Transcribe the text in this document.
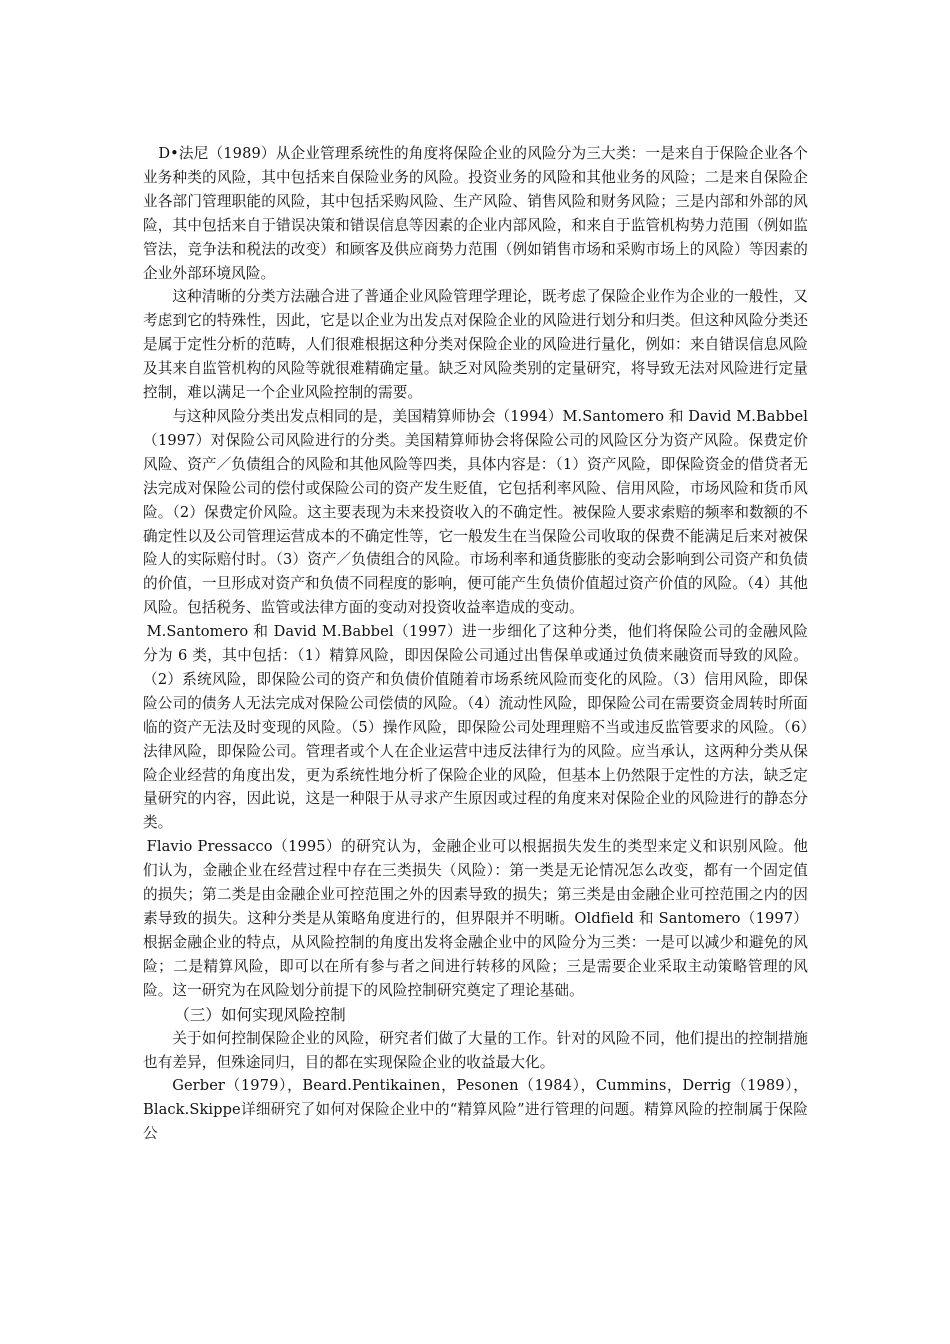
D•法尼（1989）从企业管理系统性的角度将保险企业的风险分为三大类：一是来自于保险企业各个业务种类的风险，其中包括来自保险业务的风险。投资业务的风险和其他业务的风险；二是来自保险企业各部门管理职能的风险，其中包括采购风险、生产风险、销售风险和财务风险；三是内部和外部的风险，其中包括来自于错误决策和错误信息等因素的企业内部风险，和来自于监管机构势力范围（例如监管法，竞争法和税法的改变）和顾客及供应商势力范围（例如销售市场和采购市场上的风险）等因素的企业外部环境风险。

这种清晰的分类方法融合进了普通企业风险管理学理论，既考虑了保险企业作为企业的一般性，又考虑到它的特殊性，因此，它是以企业为出发点对保险企业的风险进行划分和归类。但这种风险分类还是属于定性分析的范畴，人们很难根据这种分类对保险企业的风险进行量化，例如：来自错误信息风险及其来自监管机构的风险等就很难精确定量。缺乏对风险类别的定量研究，将导致无法对风险进行定量控制，难以满足一个企业风险控制的需要。

与这种风险分类出发点相同的是，美国精算师协会（1994）M.Santomero 和 David M.Babbel（1997）对保险公司风险进行的分类。美国精算师协会将保险公司的风险区分为资产风险。保费定价风险、资产／负债组合的风险和其他风险等四类，具体内容是：（1）资产风险，即保险资金的借贷者无法完成对保险公司的偿付或保险公司的资产发生贬值，它包括利率风险、信用风险，市场风险和货币风险。（2）保费定价风险。这主要表现为未来投资收入的不确定性。被保险人要求索赔的频率和数额的不确定性以及公司管理运营成本的不确定性等，它一般发生在当保险公司收取的保费不能满足后来对被保险人的实际赔付时。（3）资产／负债组合的风险。市场利率和通货膨胀的变动会影响到公司资产和负债的价值，一旦形成对资产和负债不同程度的影响，便可能产生负债价值超过资产价值的风险。（4）其他风险。包括税务、监管或法律方面的变动对投资收益率造成的变动。

M.Santomero 和 David M.Babbel（1997）进一步细化了这种分类，他们将保险公司的金融风险分为 6 类，其中包括：（1）精算风险，即因保险公司通过出售保单或通过负债来融资而导致的风险。（2）系统风险，即保险公司的资产和负债价值随着市场系统风险而变化的风险。（3）信用风险，即保险公司的债务人无法完成对保险公司偿债的风险。（4）流动性风险，即保险公司在需要资金周转时所面临的资产无法及时变现的风险。（5）操作风险，即保险公司处理理赔不当或违反监管要求的风险。（6）法律风险，即保险公司。管理者或个人在企业运营中违反法律行为的风险。应当承认，这两种分类从保险企业经营的角度出发，更为系统性地分析了保险企业的风险，但基本上仍然限于定性的方法，缺乏定量研究的内容，因此说，这是一种限于从寻求产生原因或过程的角度来对保险企业的风险进行的静态分类。

Flavio Pressacco（1995）的研究认为，金融企业可以根据损失发生的类型来定义和识别风险。他们认为，金融企业在经营过程中存在三类损失（风险）：第一类是无论情况怎么改变，都有一个固定值的损失；第二类是由金融企业可控范围之外的因素导致的损失；第三类是由金融企业可控范围之内的因素导致的损失。这种分类是从策略角度进行的，但界限并不明晰。Oldfield 和 Santomero（1997）根据金融企业的特点，从风险控制的角度出发将金融企业中的风险分为三类：一是可以减少和避免的风险；二是精算风险，即可以在所有参与者之间进行转移的风险；三是需要企业采取主动策略管理的风险。这一研究为在风险划分前提下的风险控制研究奠定了理论基础。

（三）如何实现风险控制

关于如何控制保险企业的风险，研究者们做了大量的工作。针对的风险不同，他们提出的控制措施也有差异，但殊途同归，目的都在实现保险企业的收益最大化。

Gerber（1979），Beard.Pentikainen，Pesonen（1984），Cummins，Derrig（1989），Black.Skippe详细研究了如何对保险企业中的“精算风险”进行管理的问题。精算风险的控制属于保险公
